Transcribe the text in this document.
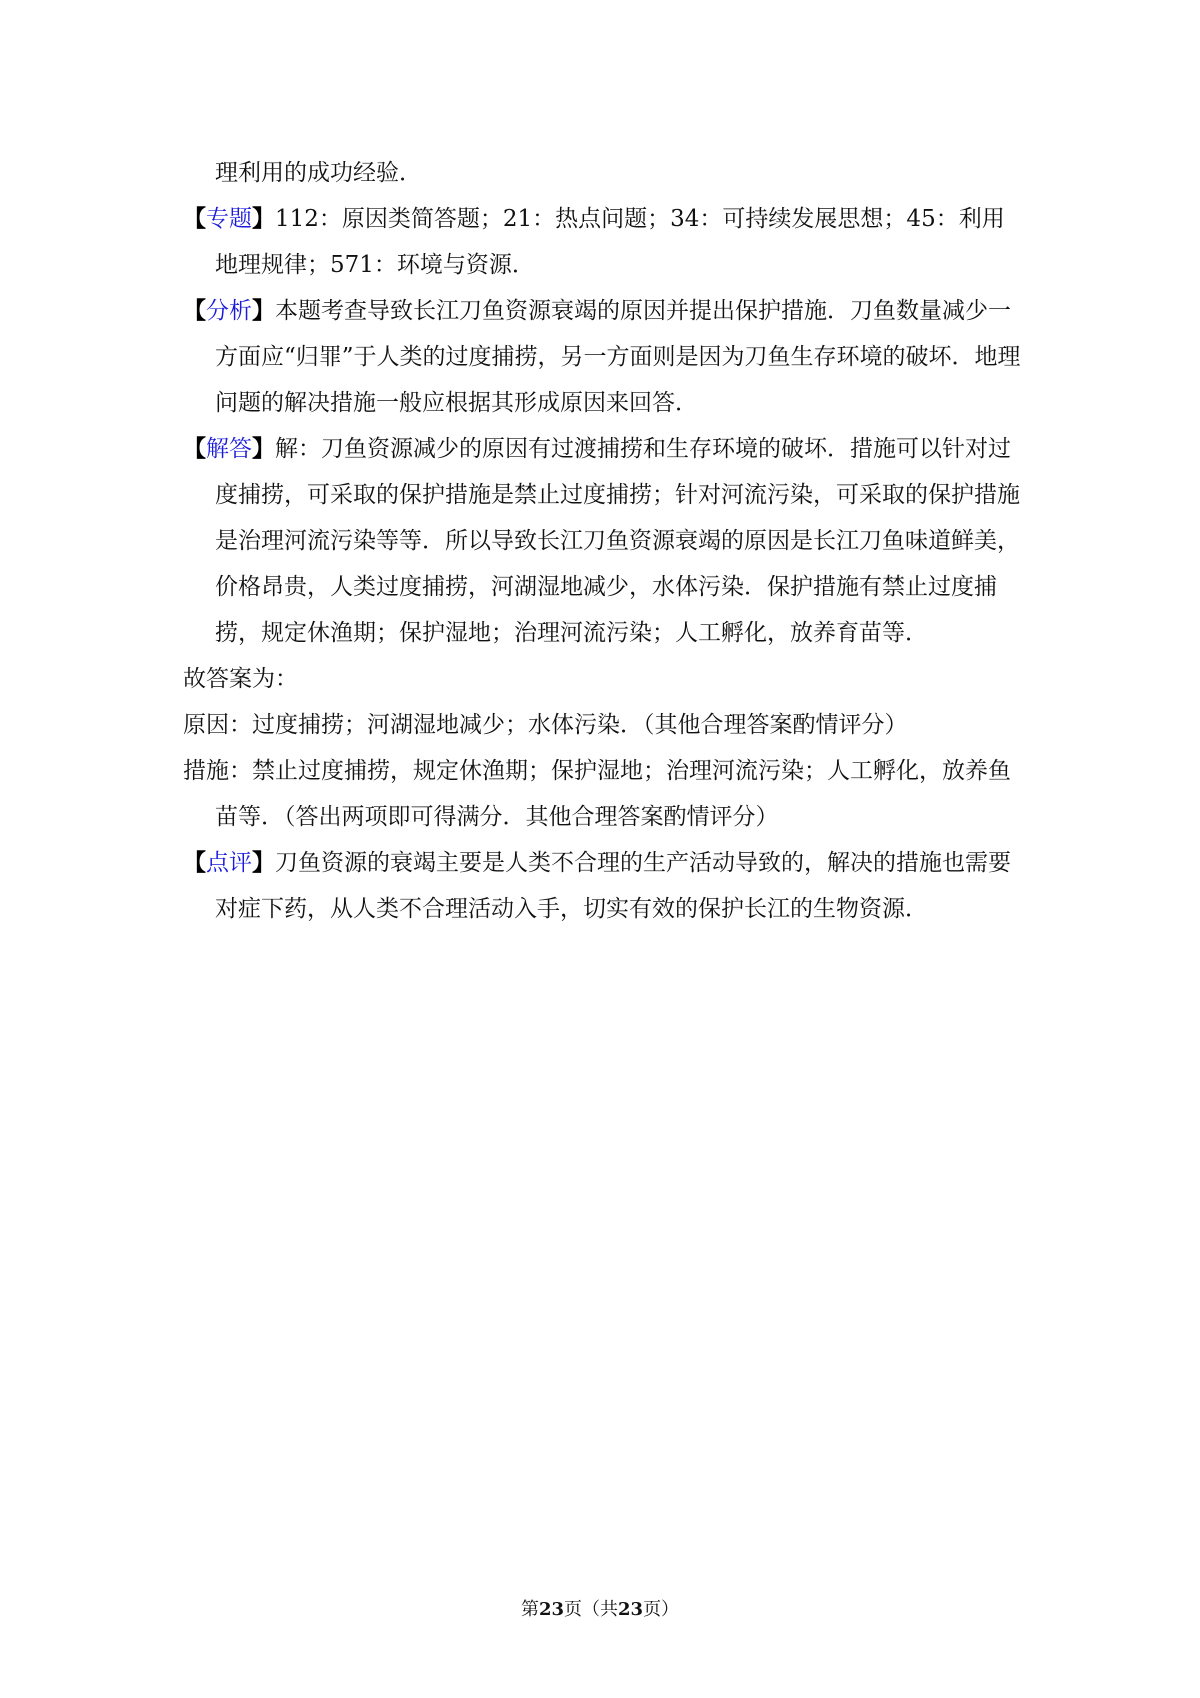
理利用的成功经验．

【专题】112：原因类简答题；21：热点问题；34：可持续发展思想；45：利用地理规律；571：环境与资源．

【分析】本题考查导致长江刀鱼资源衰竭的原因并提出保护措施．刀鱼数量减少一方面应“归罪”于人类的过度捕捞，另一方面则是因为刀鱼生存环境的破坏．地理问题的解决措施一般应根据其形成原因来回答．

【解答】解：刀鱼资源减少的原因有过渡捕捞和生存环境的破坏．措施可以针对过度捕捞，可采取的保护措施是禁止过度捕捞；针对河流污染，可采取的保护措施是治理河流污染等等．所以导致长江刀鱼资源衰竭的原因是长江刀鱼味道鲜美，价格昂贵，人类过度捕捞，河湖湿地减少，水体污染．保护措施有禁止过度捕捞，规定休渔期；保护湿地；治理河流污染；人工孵化，放养育苗等．

故答案为：

原因：过度捕捞；河湖湿地减少；水体污染．（其他合理答案酌情评分）

措施：禁止过度捕捞，规定休渔期；保护湿地；治理河流污染；人工孵化，放养鱼苗等．（答出两项即可得满分．其他合理答案酌情评分）

【点评】刀鱼资源的衰竭主要是人类不合理的生产活动导致的，解决的措施也需要对症下药，从人类不合理活动入手，切实有效的保护长江的生物资源．

第23页（共23页）
